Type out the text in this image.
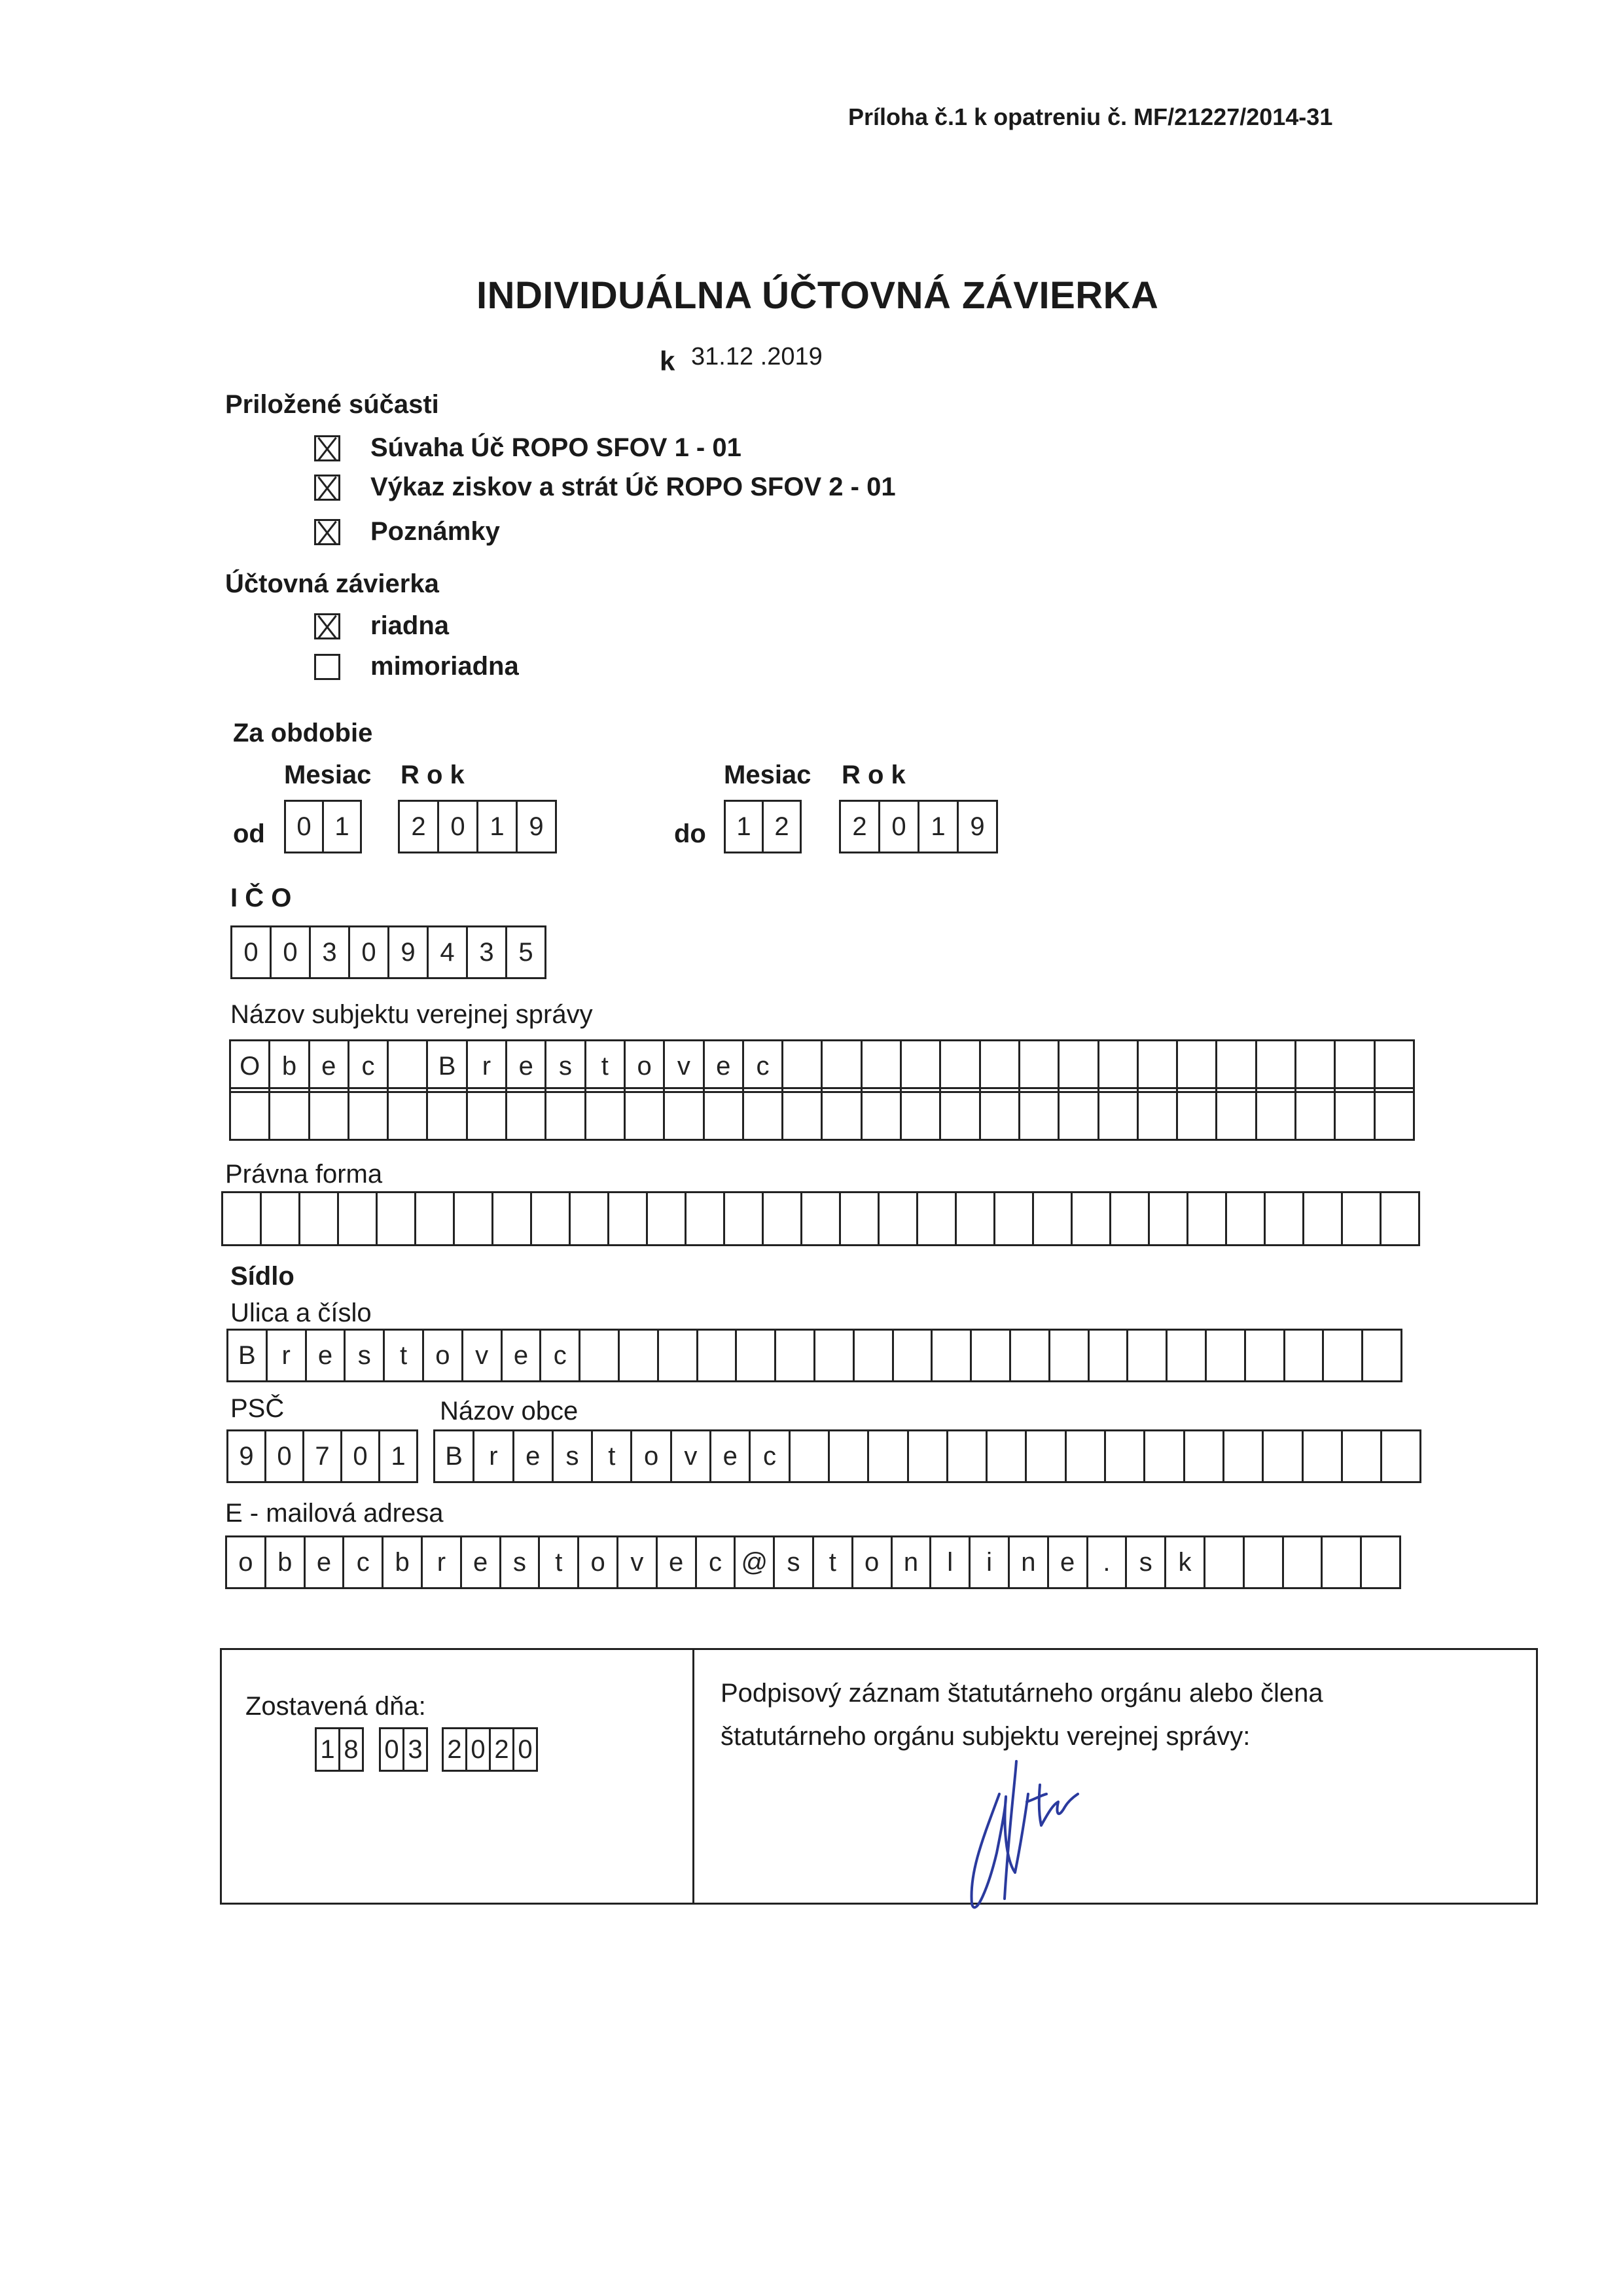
Príloha č.1 k opatreniu č. MF/21227/2014-31
INDIVIDUÁLNA ÚČTOVNÁ ZÁVIERKA
k 31.12 .2019
Priložené súčasti
Súvaha Úč ROPO SFOV 1 - 01
Výkaz ziskov a strát Úč ROPO SFOV 2 - 01
Poznámky
Účtovná závierka
riadna
mimoriadna
Za obdobie
Mesiac R o k	Mesiac R o k
od	do
0 1	2 0 1 9	1 2	2 0 1 9
I Č O
0 0 3 0 9 4 3 5
Názov subjektu verejnej správy
O b e c	B	r	e s	t	o v e c
Právna forma
Sídlo
Ulica a číslo
B r	e s	t	o v e c
PSČ	Názov obce
9 0 7 0 1	B	r	e s	t	o v e c
E - mailová adresa
o b e c b	r	e s	t	o v e c @ s	t	o n	l	i	n e	.	s k
Zostavená dňa:
1 8 0 3 2 0 2 0
Podpisový záznam štatutárneho orgánu alebo člena
štatutárneho orgánu subjektu verejnej správy:
